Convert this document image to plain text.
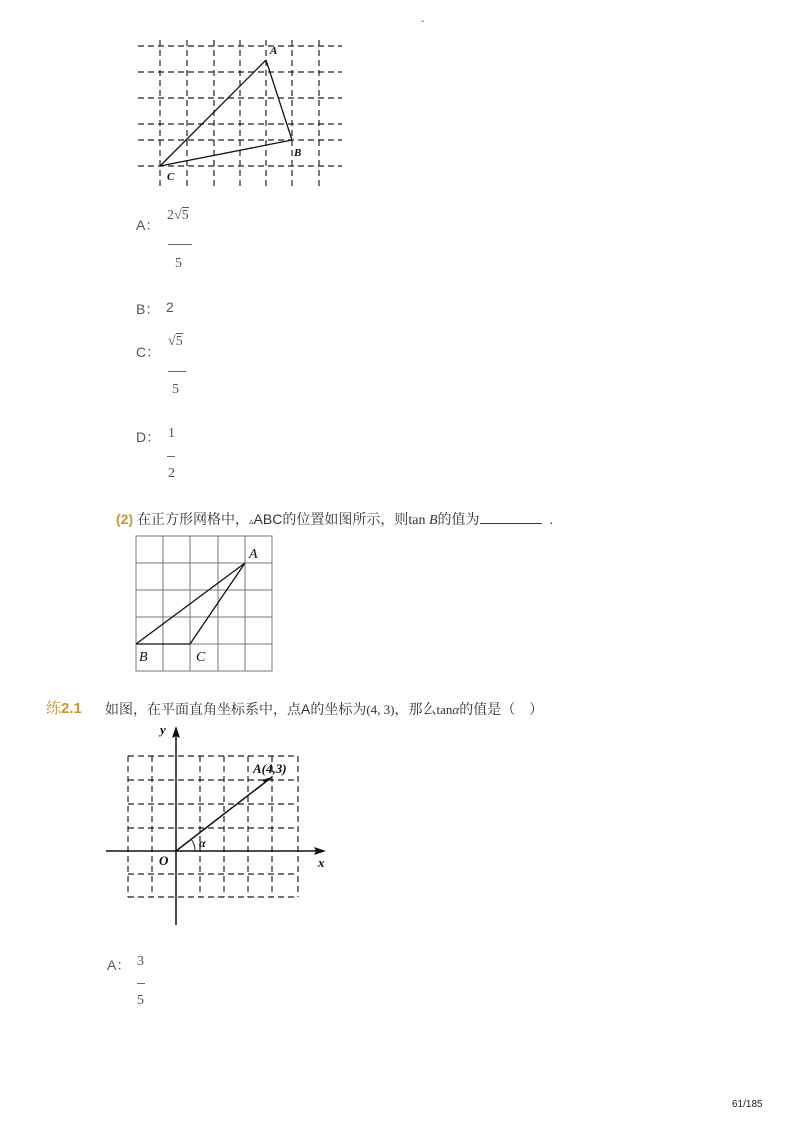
-
A
B
C
A：
2√5
5
B： 2
C：
√5
5
D： 1
2
(2) 在正方形网格中，▵ABC的位置如图所示，则tan B的值为	.
A
B	C
练2.1 如图，在平面直角坐标系中，点A的坐标为(4, 3)，那么tanα的值是（　）
y
x
O
A(4,3)
α
A： 3
5
61/185
